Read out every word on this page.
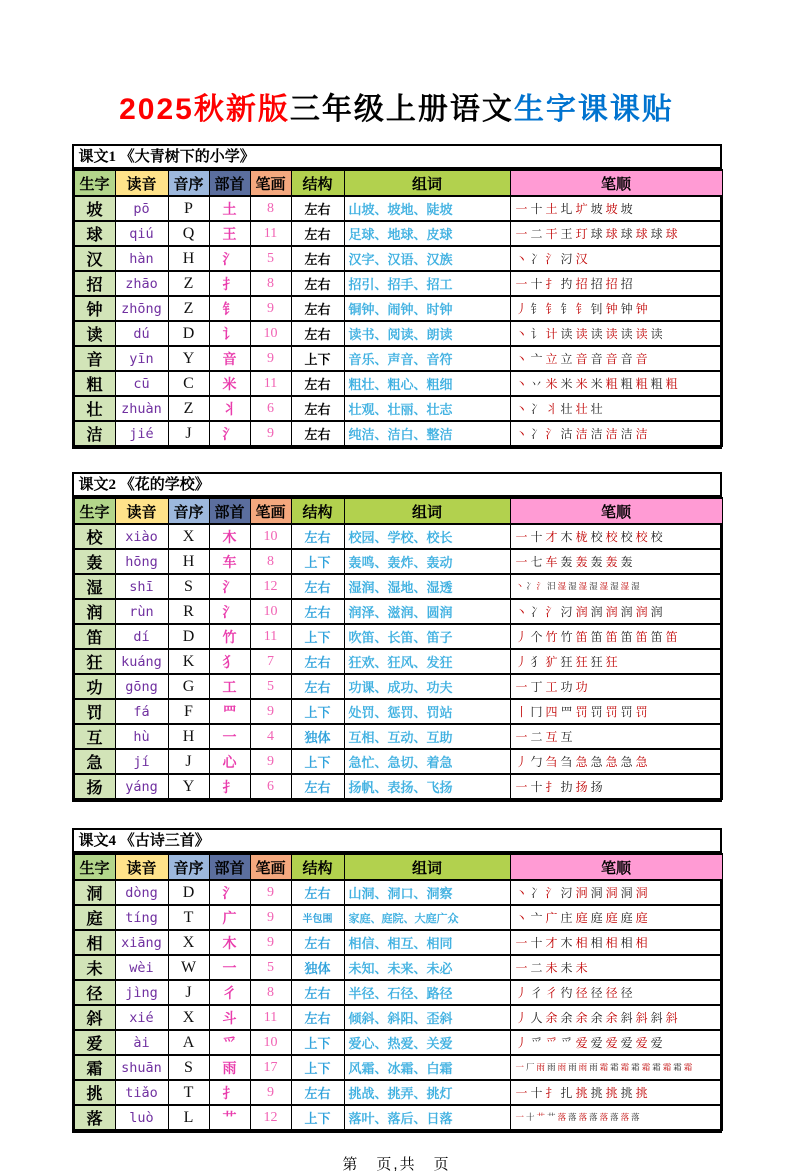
2025秋新版三年级上册语文生字课课贴
课文1 《大青树下的小学》
生字	读音	音序	部首	笔画	结构	组词	笔顺
坡	pō	P	土	8	左右	山坡、坡地、陡坡	一 十 土 圠 圹 坡 坡 坡
球	qiú	Q	王	11	左右	足球、地球、皮球	一 二 干 王 玎 球 球 球 球 球 球
汉	hàn	H	氵	5	左右	汉字、汉语、汉族	丶 冫 氵 汈 汉
招	zhāo	Z	扌	8	左右	招引、招手、招工	一 十 扌 扚 招 招 招 招
钟	zhōng	Z	钅	9	左右	铜钟、闹钟、时钟	丿 钅 钅 钅 钅 钊 钟 钟 钟
读	dú	D	讠	10	左右	读书、阅读、朗读	丶 讠 计 读 读 读 读 读 读 读
音	yīn	Y	音	9	上下	音乐、声音、音符	丶 亠 立 立 音 音 音 音 音
粗	cū	C	米	11	左右	粗壮、粗心、粗细	丶 丷 米 米 米 米 粗 粗 粗 粗 粗
壮	zhuàn	Z	丬	6	左右	壮观、壮丽、壮志	丶 冫 丬 壮 壮 壮
洁	jié	J	氵	9	左右	纯洁、洁白、整洁	丶 冫 氵 沽 洁 洁 洁 洁 洁
课文2 《花的学校》
生字	读音	音序	部首	笔画	结构	组词	笔顺
校	xiào	X	木	10	左右	校园、学校、校长	一 十 才 木 栊 校 校 校 校 校
轰	hōng	H	车	8	上下	轰鸣、轰炸、轰动	一 七 车 轰 轰 轰 轰 轰
湿	shī	S	氵	12	左右	湿润、湿地、湿透	丶 冫 氵 汨 湿 湿 湿 湿 湿 湿 湿 湿
润	rùn	R	氵	10	左右	润泽、滋润、圆润	丶 冫 氵 汈 润 润 润 润 润 润
笛	dí	D	竹	11	上下	吹笛、长笛、笛子	丿 个 竹 竹 笛 笛 笛 笛 笛 笛 笛
狂	kuáng	K	犭	7	左右	狂欢、狂风、发狂	丿 犭 犷 狂 狂 狂 狂
功	gōng	G	工	5	左右	功课、成功、功夫	一 丁 工 功 功
罚	fá	F	罒	9	上下	处罚、惩罚、罚站	丨 冂 四 罒 罚 罚 罚 罚 罚
互	hù	H	一	4	独体	互相、互动、互助	一 二 互 互
急	jí	J	心	9	上下	急忙、急切、着急	丿 勹 刍 刍 急 急 急 急 急
扬	yáng	Y	扌	6	左右	扬帆、表扬、飞扬	一 十 扌 扐 扬 扬
课文4 《古诗三首》
生字	读音	音序	部首	笔画	结构	组词	笔顺
洞	dòng	D	氵	9	左右	山洞、洞口、洞察	丶 冫 氵 汈 泂 洞 洞 洞 洞
庭	tíng	T	广	9	半包围	家庭、庭院、大庭广众	丶 亠 广 庄 庭 庭 庭 庭 庭
相	xiāng	X	木	9	左右	相信、相互、相同	一 十 才 木 相 相 相 相 相
未	wèi	W	一	5	独体	未知、未来、未必	一 二 未 未 未
径	jìng	J	彳	8	左右	半径、石径、路径	丿 彳 彳 彴 径 径 径 径
斜	xié	X	斗	11	左右	倾斜、斜阳、歪斜	丿 人 余 余 余 余 余 斜 斜 斜 斜
爱	ài	A	爫	10	上下	爱心、热爱、关爱	丿 爫 爫 爫 爱 爱 爱 爱 爱 爱
霜	shuān	S	雨	17	上下	风霜、冰霜、白霜	一 厂 雨 雨 雨 雨 雨 雨 霜 霜 霜 霜 霜 霜 霜 霜 霜
挑	tiǎo	T	扌	9	左右	挑战、挑弄、挑灯	一 十 扌 扎 挑 挑 挑 挑 挑
落	luò	L	艹	12	上下	落叶、落后、日落	一 十 艹 艹 落 落 落 落 落 落 落 落
第　页,共　页
